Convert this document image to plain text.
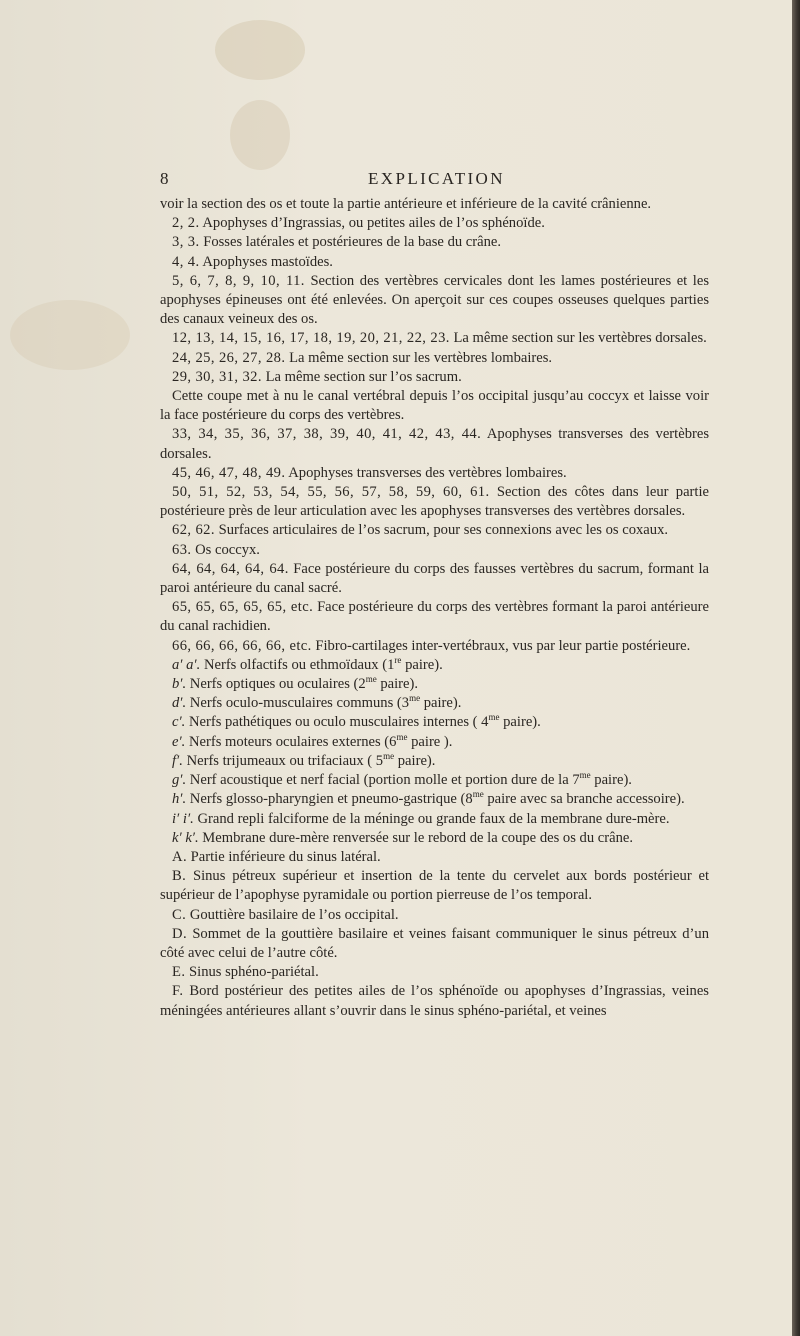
8	EXPLICATION

voir la section des os et toute la partie antérieure et inférieure de la cavité crânienne.

2, 2. Apophyses d’Ingrassias, ou petites ailes de l’os sphénoïde.

3, 3. Fosses latérales et postérieures de la base du crâne.

4, 4. Apophyses mastoïdes.

5, 6, 7, 8, 9, 10, 11. Section des vertèbres cervicales dont les lames postérieures et les apophyses épineuses ont été enlevées. On aperçoit sur ces coupes osseuses quelques parties des canaux veineux des os.

12, 13, 14, 15, 16, 17, 18, 19, 20, 21, 22, 23. La même section sur les vertèbres dorsales.

24, 25, 26, 27, 28. La même section sur les vertèbres lombaires.

29, 30, 31, 32. La même section sur l’os sacrum.

Cette coupe met à nu le canal vertébral depuis l’os occipital jusqu’au coccyx et laisse voir la face postérieure du corps des vertèbres.

33, 34, 35, 36, 37, 38, 39, 40, 41, 42, 43, 44. Apophyses transverses des vertèbres dorsales.

45, 46, 47, 48, 49. Apophyses transverses des vertèbres lombaires.

50, 51, 52, 53, 54, 55, 56, 57, 58, 59, 60, 61. Section des côtes dans leur partie postérieure près de leur articulation avec les apophyses transverses des vertèbres dorsales.

62, 62. Surfaces articulaires de l’os sacrum, pour ses connexions avec les os coxaux.

63. Os coccyx.

64, 64, 64, 64, 64. Face postérieure du corps des fausses vertèbres du sacrum, formant la paroi antérieure du canal sacré.

65, 65, 65, 65, 65, etc. Face postérieure du corps des vertèbres formant la paroi antérieure du canal rachidien.

66, 66, 66, 66, 66, etc. Fibro-cartilages inter-vertébraux, vus par leur partie postérieure.

a′ a′. Nerfs olfactifs ou ethmoïdaux (1re paire).

b′. Nerfs optiques ou oculaires ($2^{me}$ paire).

d′. Nerfs oculo-musculaires communs ($3^{me}$ paire).

c′. Nerfs pathétiques ou oculo musculaires internes ( $4^{me}$ paire).

e′. Nerfs moteurs oculaires externes ($6^{me}$ paire ).

f′. Nerfs trijumeaux ou trifaciaux ( $5^{me}$ paire).

g′. Nerf acoustique et nerf facial (portion molle et portion dure de la $7^{me}$ paire).

h′. Nerfs glosso-pharyngien et pneumo-gastrique ($8^{me}$ paire avec sa branche accessoire).

i′ i′. Grand repli falciforme de la méninge ou grande faux de la membrane dure-mère.

k′ k′. Membrane dure-mère renversée sur le rebord de la coupe des os du crâne.

A. Partie inférieure du sinus latéral.

B. Sinus pétreux supérieur et insertion de la tente du cervelet aux bords postérieur et supérieur de l’apophyse pyramidale ou portion pierreuse de l’os temporal.

C. Gouttière basilaire de l’os occipital.

D. Sommet de la gouttière basilaire et veines faisant communiquer le sinus pétreux d’un côté avec celui de l’autre côté.

E. Sinus sphéno-pariétal.

F. Bord postérieur des petites ailes de l’os sphénoïde ou apophyses d’Ingrassias, veines méningées antérieures allant s’ouvrir dans le sinus sphéno-pariétal, et veines
